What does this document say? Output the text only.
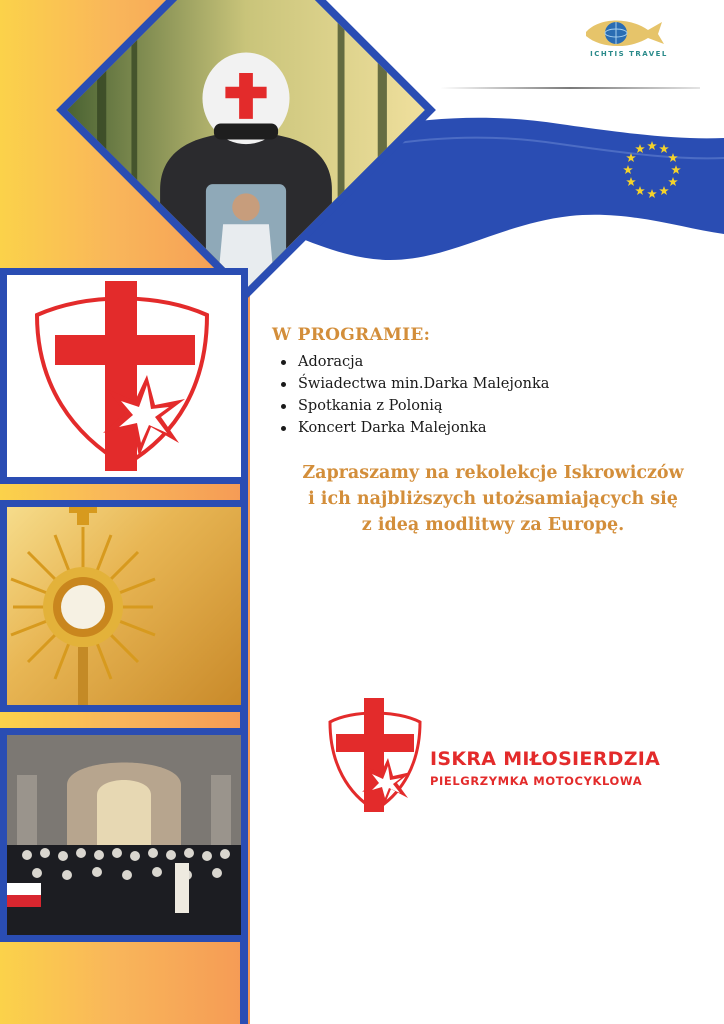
ICHTIS TRAVEL
W PROGRAMIE:
Adoracja
Świadectwa min.Darka Malejonka
Spotkania z Polonią
Koncert Darka Malejonka
Zapraszamy na rekolekcje Iskrowiczów
i ich najbliższych utożsamiających się
z ideą modlitwy za Europę.
ISKRA MIŁOSIERDZIA
PIELGRZYMKA MOTOCYKLOWA
